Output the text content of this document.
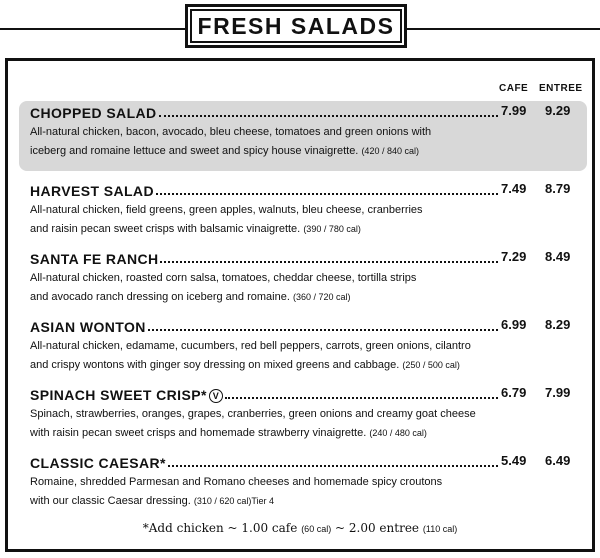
FRESH SALADS
CAFE ENTREE
CHOPPED SALAD	7.99 9.29
All-natural chicken, bacon, avocado, bleu cheese, tomatoes and green onions with
iceberg and romaine lettuce and sweet and spicy house vinaigrette. (420 / 840 cal)
HARVEST SALAD	7.49 8.79
All-natural chicken, field greens, green apples, walnuts, bleu cheese, cranberries
and raisin pecan sweet crisps with balsamic vinaigrette. (390 / 780 cal)
SANTA FE RANCH	7.29 8.49
All-natural chicken, roasted corn salsa, tomatoes, cheddar cheese, tortilla strips
and avocado ranch dressing on iceberg and romaine. (360 / 720 cal)
ASIAN WONTON	6.99 8.29
All-natural chicken, edamame, cucumbers, red bell peppers, carrots, green onions, cilantro
and crispy wontons with ginger soy dressing on mixed greens and cabbage. (250 / 500 cal)
SPINACH SWEET CRISP* V	6.79 7.99
Spinach, strawberries, oranges, grapes, cranberries, green onions and creamy goat cheese
with raisin pecan sweet crisps and homemade strawberry vinaigrette. (240 / 480 cal)
CLASSIC CAESAR*	5.49 6.49
Romaine, shredded Parmesan and Romano cheeses and homemade spicy croutons
with our classic Caesar dressing. (310 / 620 cal)Tier 4
*Add chicken ~ 1.00 cafe (60 cal) ~ 2.00 entree (110 cal)
